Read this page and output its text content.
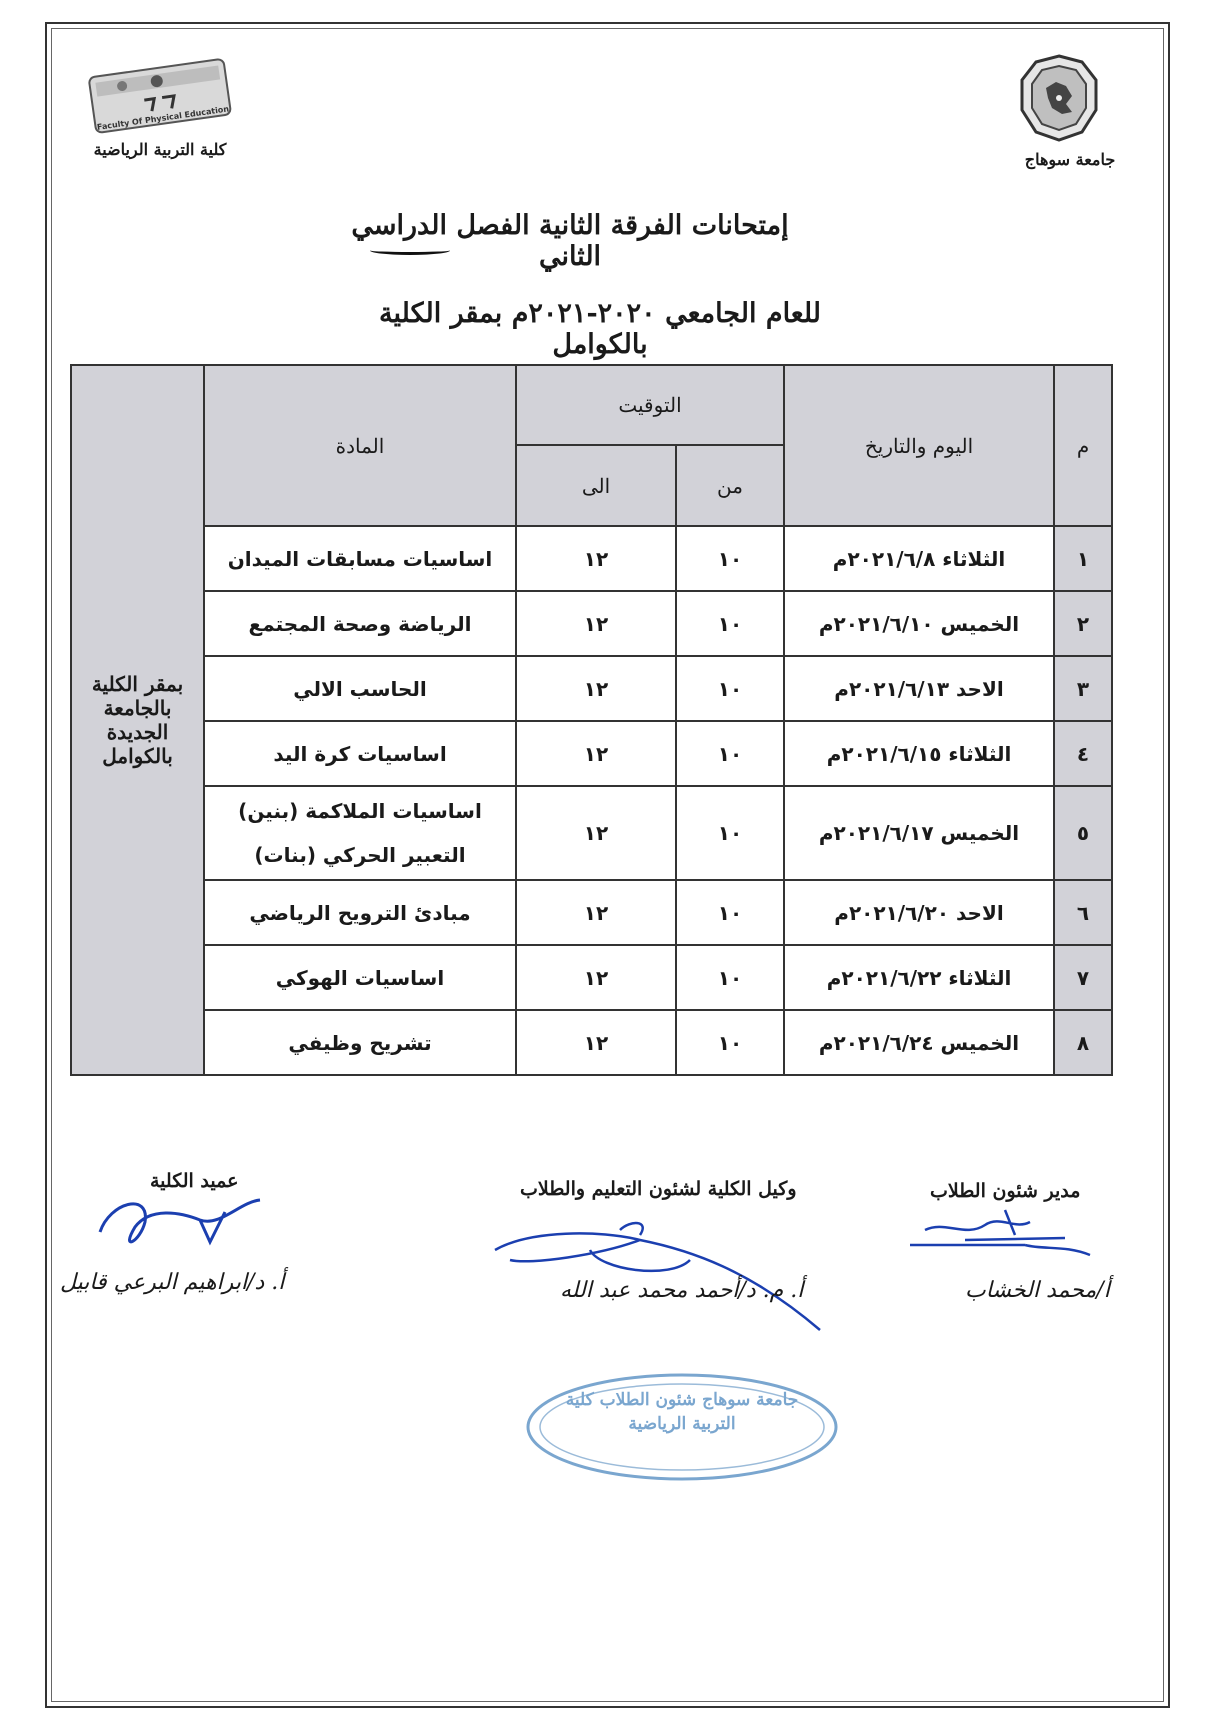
Faculty Of Physical Education
كلية التربية الرياضية
جامعة سوهاج
إمتحانات الفرقة الثانية الفصل الدراسي الثاني
للعام الجامعي ٢٠٢٠-٢٠٢١م بمقر الكلية بالكوامل
م	اليوم والتاريخ	التوقيت		المادة	بمقر الكلية بالجامعة الجديدة بالكوامل
		من	الى		
١	الثلاثاء ٢٠٢١/٦/٨م	١٠	١٢	اساسيات مسابقات الميدان	
٢	الخميس ٢٠٢١/٦/١٠م	١٠	١٢	الرياضة وصحة المجتمع	
٣	الاحد ٢٠٢١/٦/١٣م	١٠	١٢	الحاسب الالي	
٤	الثلاثاء ٢٠٢١/٦/١٥م	١٠	١٢	اساسيات كرة اليد	
٥	الخميس ٢٠٢١/٦/١٧م	١٠	١٢	اساسيات الملاكمة (بنين)
التعبير الحركي (بنات)	

٦	الاحد ٢٠٢١/٦/٢٠م	١٠	١٢	مبادئ الترويح الرياضي	
٧	الثلاثاء ٢٠٢١/٦/٢٢م	١٠	١٢	اساسيات الهوكي	
٨	الخميس ٢٠٢١/٦/٢٤م	١٠	١٢	تشريح وظيفي	
عميد الكلية	وكيل الكلية لشئون التعليم والطلاب	مدير شئون الطلاب
أ. د/ابراهيم البرعي قابيل	أ. م. د/أحمد محمد عبد الله	أ/محمد الخشاب
جامعة سوهاج شئون الطلاب كلية التربية الرياضية
